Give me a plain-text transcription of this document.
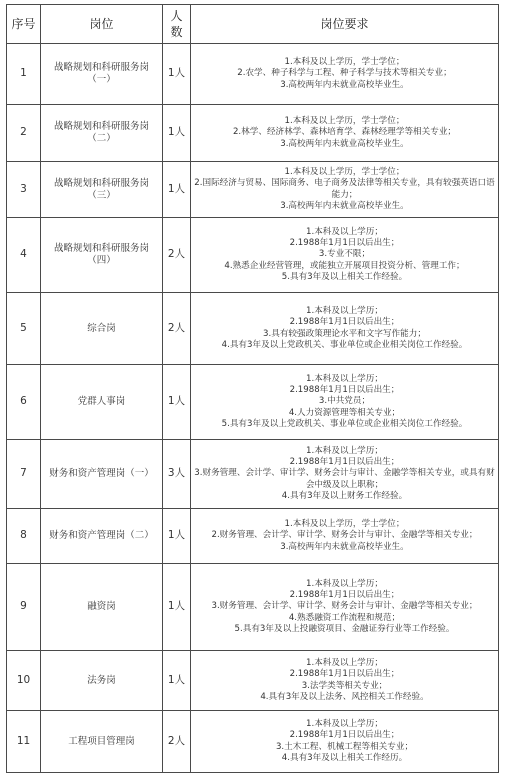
序号	岗位	人数	岗位要求
1	战略规划和科研服务岗（一）	1人	1.本科及以上学历，学士学位；
2.农学、种子科学与工程、种子科学与技术等相关专业；
3.高校两年内未就业高校毕业生。

2	战略规划和科研服务岗（二）	1人	1.本科及以上学历，学士学位；
2.林学、经济林学、森林培育学、森林经理学等相关专业；
3.高校两年内未就业高校毕业生。

3	战略规划和科研服务岗（三）	1人	1.本科及以上学历，学士学位；
2.国际经济与贸易、国际商务、电子商务及法律等相关专业，具有较强英语口语能力；
3.高校两年内未就业高校毕业生。

4	战略规划和科研服务岗（四）	2人	1.本科及以上学历；
2.1988年1月1日以后出生；
3.专业不限；
4.熟悉企业经营管理，或能独立开展项目投资分析、管理工作；
5.具有3年及以上相关工作经验。

5	综合岗	2人	1.本科及以上学历；
2.1988年1月1日以后出生；
3.具有较强政策理论水平和文字写作能力；
4.具有3年及以上党政机关、事业单位或企业相关岗位工作经验。

6	党群人事岗	1人	1.本科及以上学历；
2.1988年1月1日以后出生；
3.中共党员；
4.人力资源管理等相关专业；
5.具有3年及以上党政机关、事业单位或企业相关岗位工作经验。

7	财务和资产管理岗（一）	3人	1.本科及以上学历；
2.1988年1月1日以后出生；
3.财务管理、会计学、审计学、财务会计与审计、金融学等相关专业，或具有财会中级及以上职称；
4.具有3年及以上财务工作经验。

8	财务和资产管理岗（二）	1人	1.本科及以上学历，学士学位；
2.财务管理、会计学、审计学、财务会计与审计、金融学等相关专业；
3.高校两年内未就业高校毕业生。

9	融资岗	1人	1.本科及以上学历；
2.1988年1月1日以后出生；
3.财务管理、会计学、审计学、财务会计与审计、金融学等相关专业；
4.熟悉融资工作流程和规范；
5.具有3年及以上投融资项目、金融证券行业等工作经验。

10	法务岗	1人	1.本科及以上学历；
2.1988年1月1日以后出生；
3.法学类等相关专业；
4.具有3年及以上法务、风控相关工作经验。

11	工程项目管理岗	2人	1.本科及以上学历；
2.1988年1月1日以后出生；
3.土木工程、机械工程等相关专业；
4.具有3年及以上相关工作经历。
